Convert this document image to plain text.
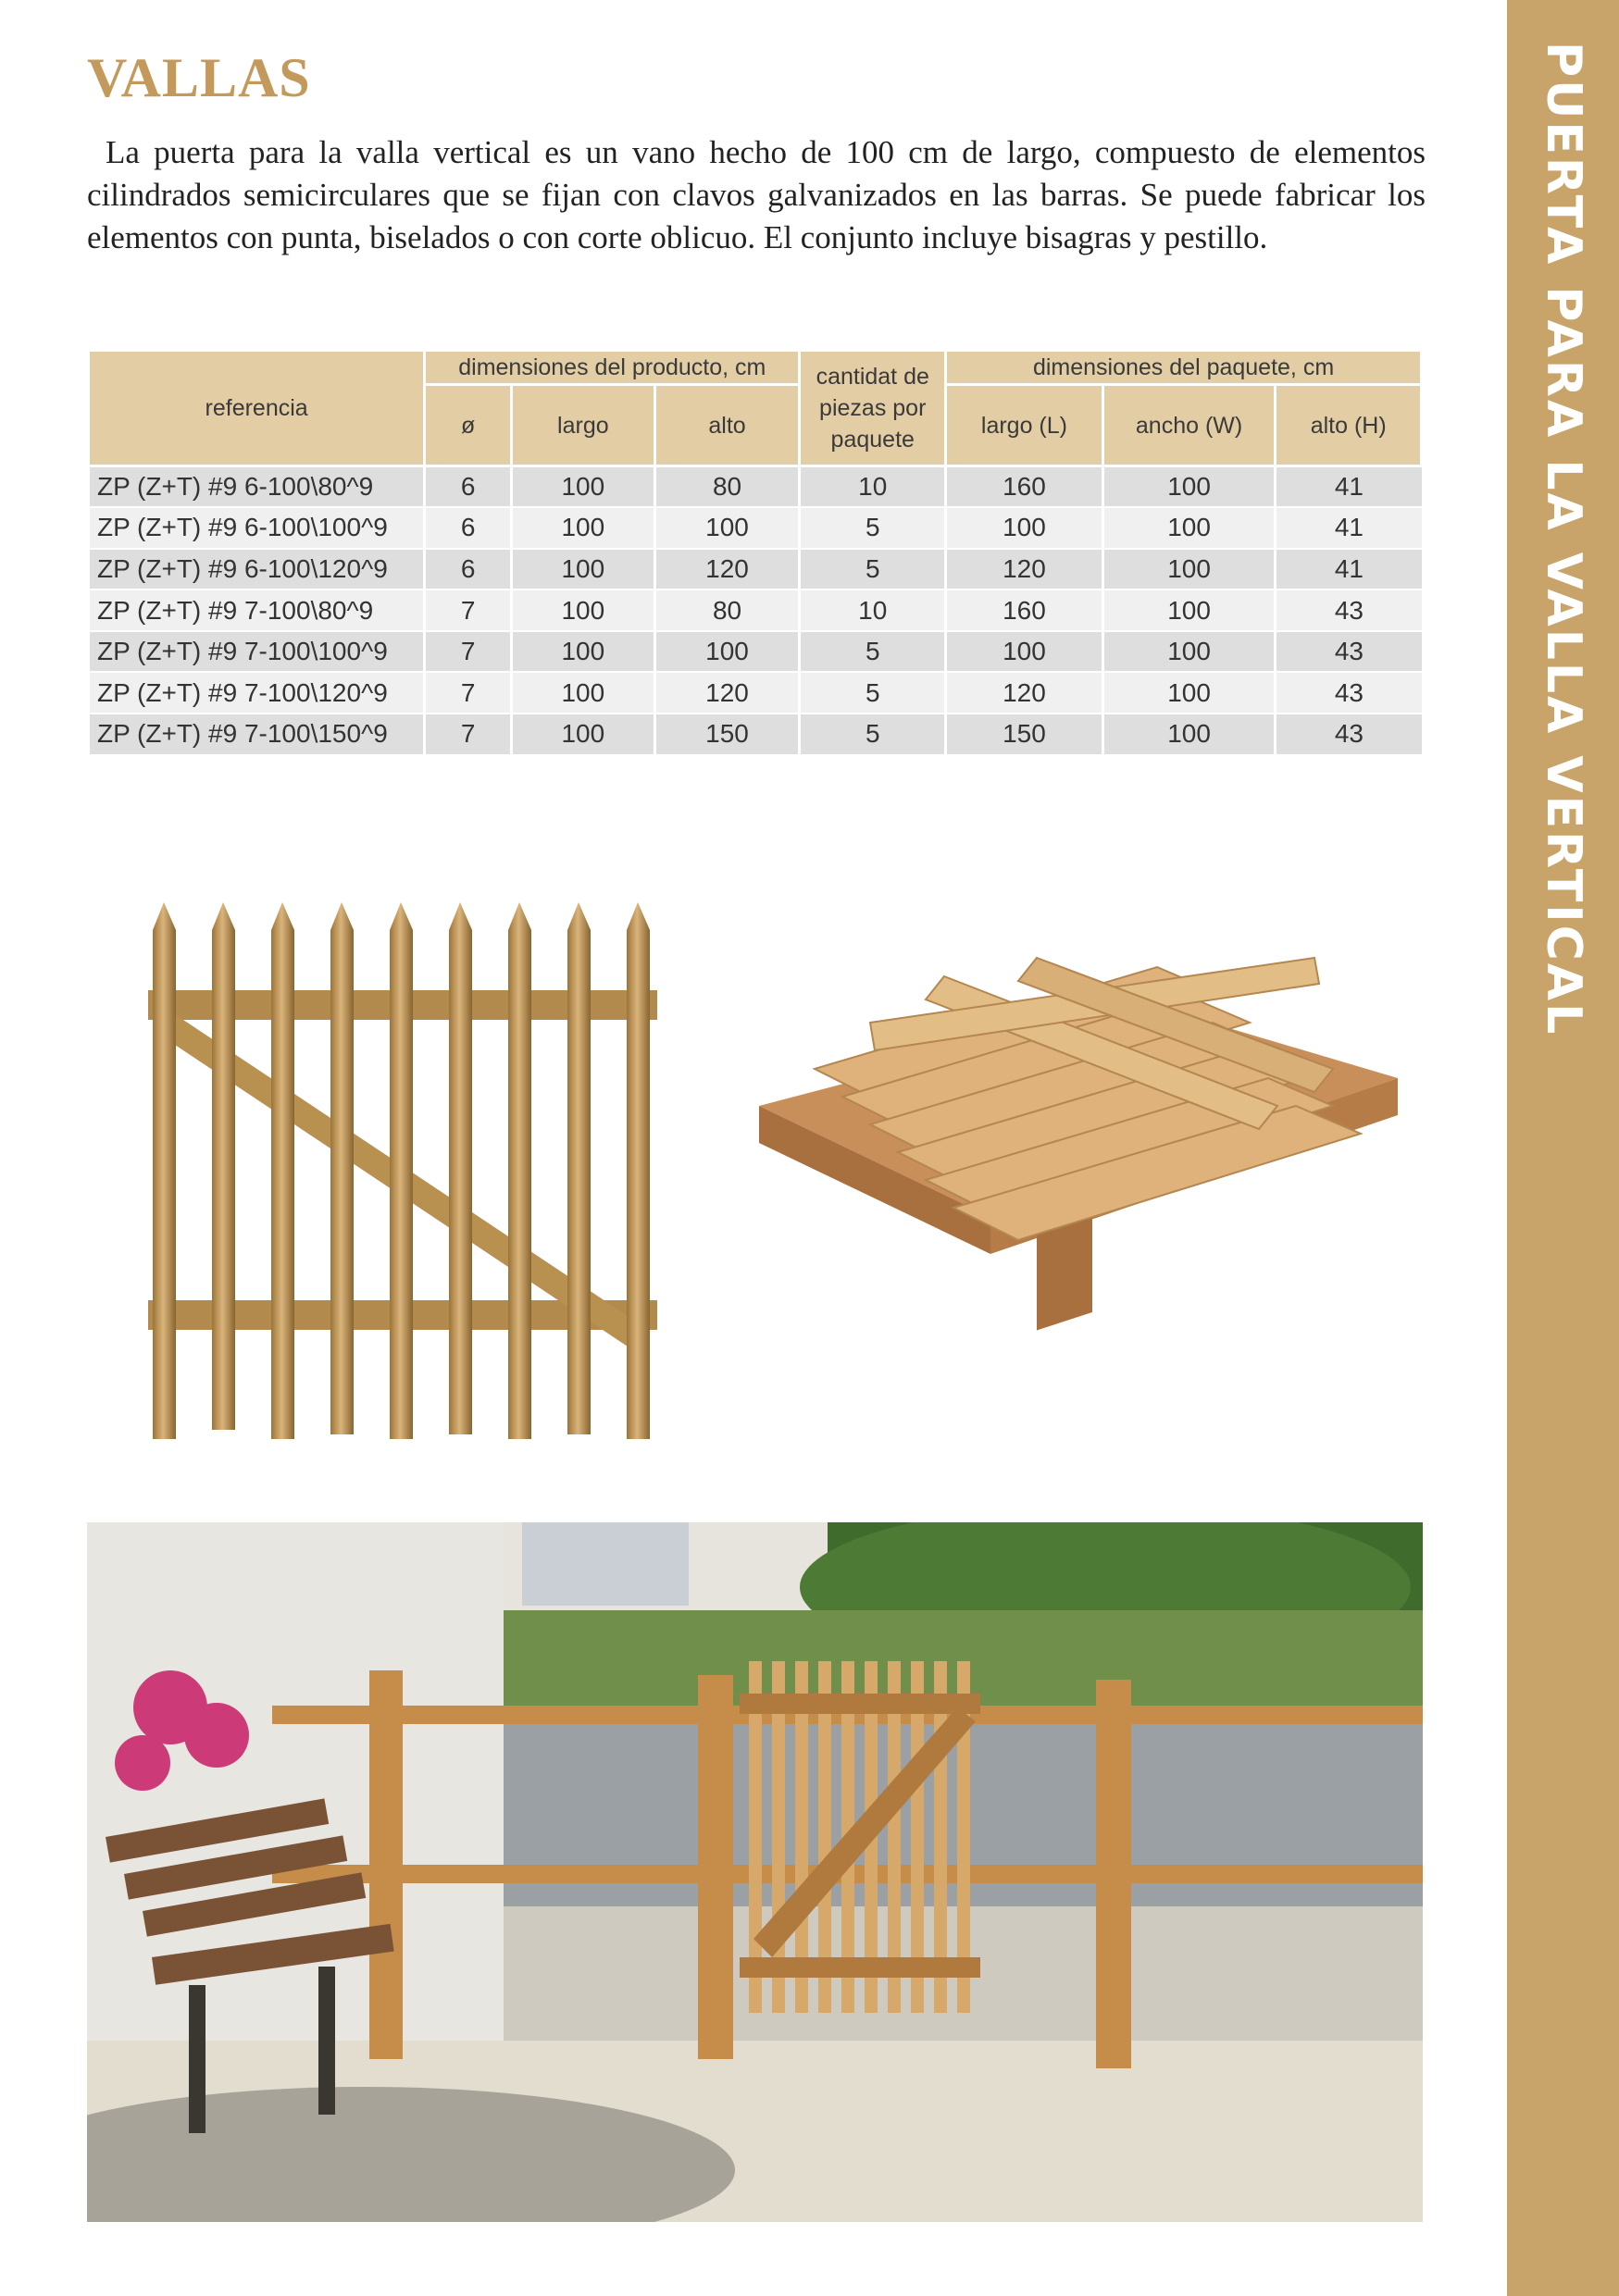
PUERTA PARA LA VALLA VERTICAL
VALLAS

La puerta para la valla vertical es un vano hecho de 100 cm de largo, compuesto de elementos cilindrados semicirculares que se fijan con clavos galvanizados en las barras. Se puede fabricar los elementos con punta, biselados o con corte oblicuo. El conjunto incluye bisagras y pestillo.

referencia	dimensiones del producto, cm			cantidat de piezas por paquete	dimensiones del paquete, cm		
	ø	largo	alto		largo (L)	ancho (W)	alto (H)
ZP (Z+T) #9 6-100\80^9	6	100	80	10	160	100	41
ZP (Z+T) #9 6-100\100^9	6	100	100	5	100	100	41
ZP (Z+T) #9 6-100\120^9	6	100	120	5	120	100	41
ZP (Z+T) #9 7-100\80^9	7	100	80	10	160	100	43
ZP (Z+T) #9 7-100\100^9	7	100	100	5	100	100	43
ZP (Z+T) #9 7-100\120^9	7	100	120	5	120	100	43
ZP (Z+T) #9 7-100\150^9	7	100	150	5	150	100	43
